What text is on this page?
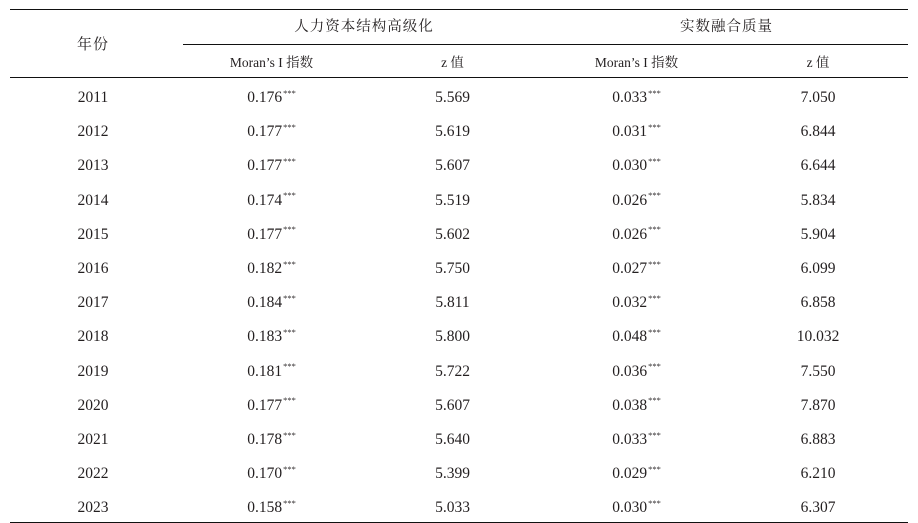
年份	人力资本结构高级化		实数融合质量	
	Moran’s I 指数	z 值	Moran’s I 指数	z 值
2011	0.176***	5.569	0.033***	7.050
2012	0.177***	5.619	0.031***	6.844
2013	0.177***	5.607	0.030***	6.644
2014	0.174***	5.519	0.026***	5.834
2015	0.177***	5.602	0.026***	5.904
2016	0.182***	5.750	0.027***	6.099
2017	0.184***	5.811	0.032***	6.858
2018	0.183***	5.800	0.048***	10.032
2019	0.181***	5.722	0.036***	7.550
2020	0.177***	5.607	0.038***	7.870
2021	0.178***	5.640	0.033***	6.883
2022	0.170***	5.399	0.029***	6.210
2023	0.158***	5.033	0.030***	6.307
